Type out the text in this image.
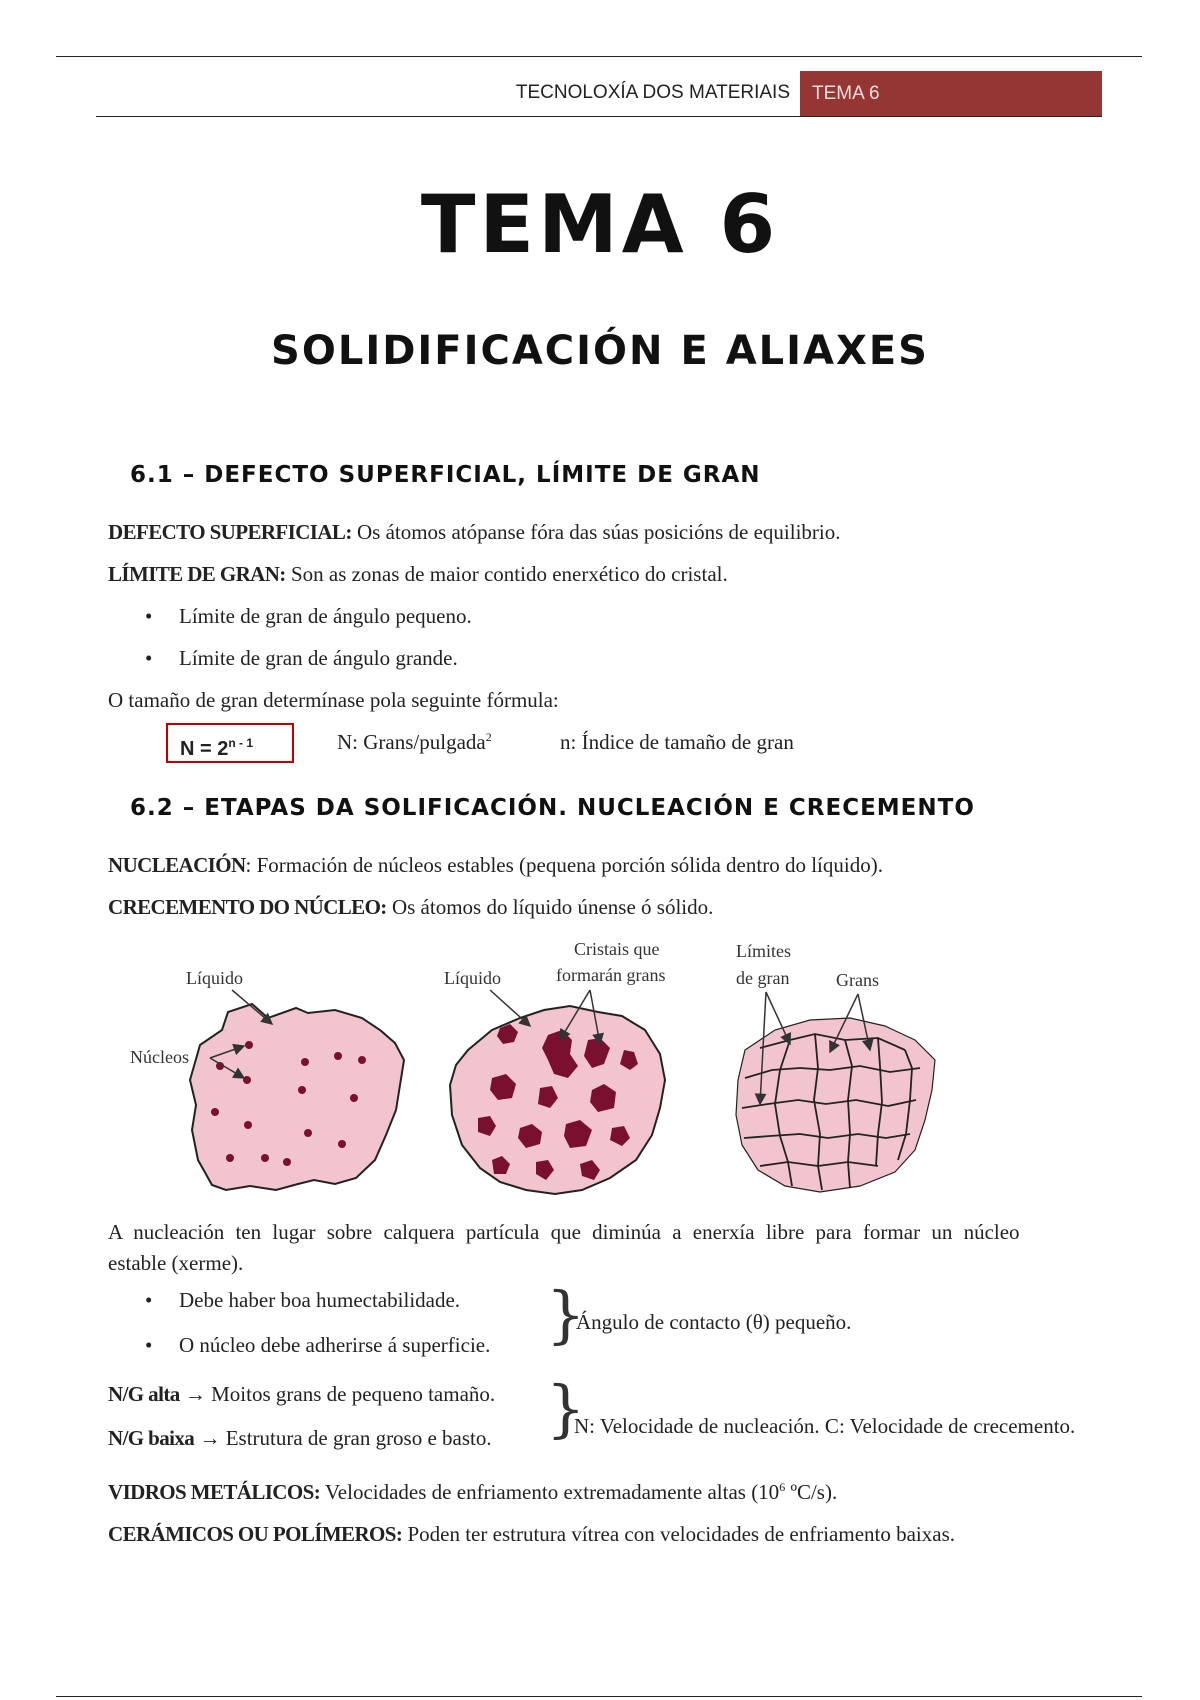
TECNOLOXÍA DOS MATERIAIS	TEMA 6
TEMA 6
SOLIDIFICACIÓN E ALIAXES
6.1 – DEFECTO SUPERFICIAL, LÍMITE DE GRAN
DEFECTO SUPERFICIAL: Os átomos atópanse fóra das súas posicións de equilibrio.
LÍMITE DE GRAN: Son as zonas de maior contido enerxético do cristal.
• Límite de gran de ángulo pequeno.
• Límite de gran de ángulo grande.
O tamaño de gran determínase pola seguinte fórmula:
$N = 2^{n - 1}$	N: Grans/pulgada$^2$	n: Índice de tamaño de gran
6.2 – ETAPAS DA SOLIFICACIÓN. NUCLEACIÓN E CRECEMENTO
NUCLEACIÓN: Formación de núcleos estables (pequena porción sólida dentro do líquido).
CRECEMENTO DO NÚCLEO: Os átomos do líquido únense ó sólido.
Líquido
Núcleos
Líquido
Cristais que
formarán grans
Límites
de gran	Grans
A nucleación ten lugar sobre calquera partícula que diminúa a enerxía libre para formar un núcleo
estable (xerme).
• Debe haber boa humectabilidade.
• O núcleo debe adherirse á superficie. }
Ángulo de contacto (θ) pequeño.
N/G alta → Moitos grans de pequeno tamaño.
N/G baixa → Estrutura de gran groso e basto. }
N: Velocidade de nucleación. C: Velocidade de crecemento.
VIDROS METÁLICOS: Velocidades de enfriamento extremadamente altas ($10^6$ ºC/s).
CERÁMICOS OU POLÍMEROS: Poden ter estrutura vítrea con velocidades de enfriamento baixas.
